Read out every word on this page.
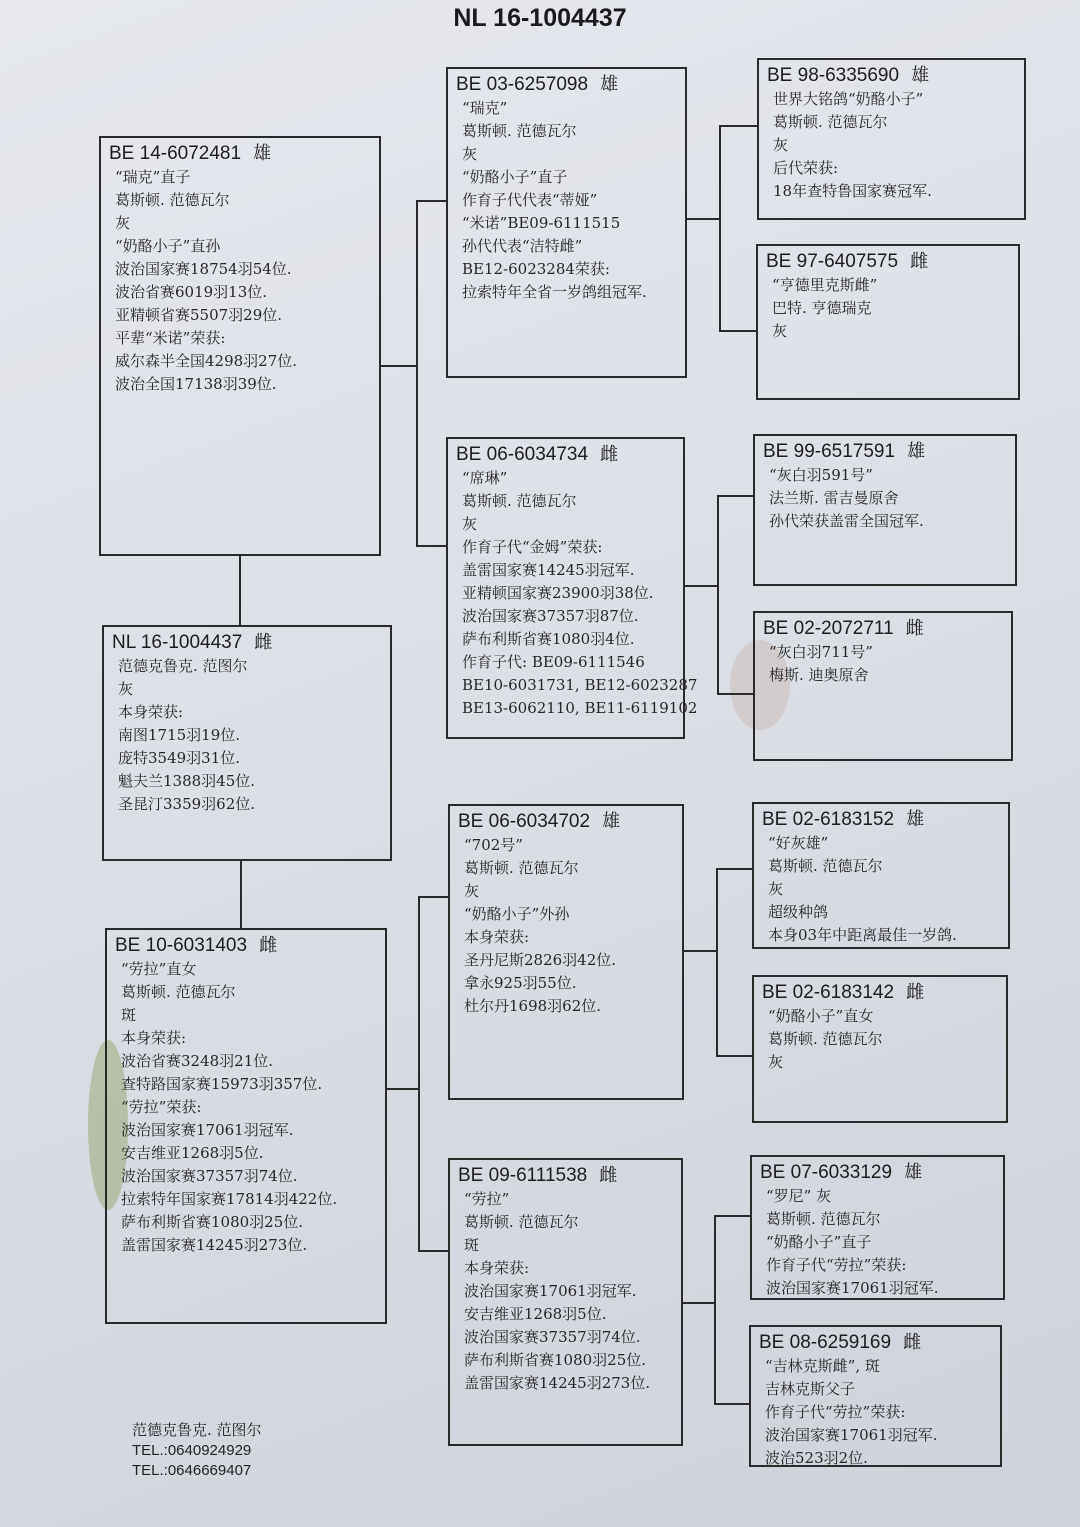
NL 16-1004437
BE 14-6072481 雄
“瑞克”直子
葛斯顿. 范德瓦尔
灰
“奶酪小子”直孙
波治国家赛18754羽54位.
波治省赛6019羽13位.
亚精顿省赛5507羽29位.
平辈“米诺”荣获:
威尔森半全国4298羽27位.
波治全国17138羽39位.
NL 16-1004437 雌
范德克鲁克. 范图尔
灰
本身荣获:
南图1715羽19位.
庞特3549羽31位.
魁夫兰1388羽45位.
圣昆汀3359羽62位.
BE 10-6031403 雌
“劳拉”直女
葛斯顿. 范德瓦尔
斑
本身荣获:
波治省赛3248羽21位.
查特路国家赛15973羽357位.
“劳拉”荣获:
波治国家赛17061羽冠军.
安吉维亚1268羽5位.
波治国家赛37357羽74位.
拉索特年国家赛17814羽422位.
萨布利斯省赛1080羽25位.
盖雷国家赛14245羽273位.
BE 03-6257098 雄
“瑞克”
葛斯顿. 范德瓦尔
灰
“奶酪小子”直子
作育子代代表“蒂娅”
“米诺”BE09-6111515
孙代代表“洁特雌”
BE12-6023284荣获:
拉索特年全省一岁鸽组冠军.
BE 06-6034734 雌
“席琳”
葛斯顿. 范德瓦尔
灰
作育子代“金姆”荣获:
盖雷国家赛14245羽冠军.
亚精顿国家赛23900羽38位.
波治国家赛37357羽87位.
萨布利斯省赛1080羽4位.
作育子代: BE09-6111546
BE10-6031731, BE12-6023287
BE13-6062110, BE11-6119102
BE 06-6034702 雄
“702号”
葛斯顿. 范德瓦尔
灰
“奶酪小子”外孙
本身荣获:
圣丹尼斯2826羽42位.
拿永925羽55位.
杜尔丹1698羽62位.
BE 09-6111538 雌
“劳拉”
葛斯顿. 范德瓦尔
斑
本身荣获:
波治国家赛17061羽冠军.
安吉维亚1268羽5位.
波治国家赛37357羽74位.
萨布利斯省赛1080羽25位.
盖雷国家赛14245羽273位.
BE 98-6335690 雄
世界大铭鸽“奶酪小子”
葛斯顿. 范德瓦尔
灰
后代荣获:
18年查特鲁国家赛冠军.
BE 97-6407575 雌
“亨德里克斯雌”
巴特. 亨德瑞克
灰
BE 99-6517591 雄
“灰白羽591号”
法兰斯. 雷吉曼原舍
孙代荣获盖雷全国冠军.
BE 02-2072711 雌
“灰白羽711号”
梅斯. 迪奥原舍
BE 02-6183152 雄
“好灰雄”
葛斯顿. 范德瓦尔
灰
超级种鸽
本身03年中距离最佳一岁鸽.
BE 02-6183142 雌
“奶酪小子”直女
葛斯顿. 范德瓦尔
灰
BE 07-6033129 雄
“罗尼” 灰
葛斯顿. 范德瓦尔
“奶酪小子”直子
作育子代“劳拉”荣获:
波治国家赛17061羽冠军.
BE 08-6259169 雌
“吉林克斯雌”, 斑
吉林克斯父子
作育子代“劳拉”荣获:
波治国家赛17061羽冠军.
波治523羽2位.
范德克鲁克. 范图尔
TEL.:0640924929
TEL.:0646669407
